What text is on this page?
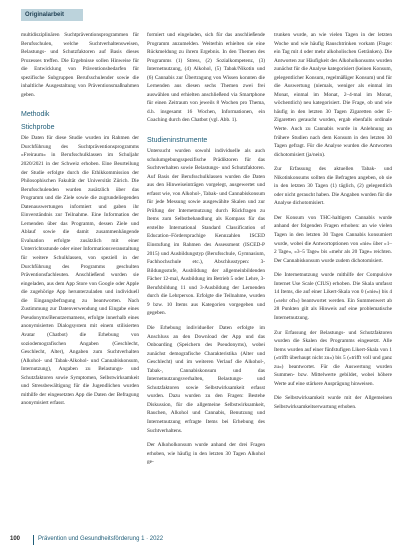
Originalarbeit

multidisziplinären Suchtpräventionsprogrammen für Berufsschulen, welche Suchtverhaltensweisen, Belastungs- und Schutzfaktoren auf Basis dieses Prozesses treffen. Die Ergebnisse sollen Hinweise für die Entwicklung von Präventionsbedarfen für spezifische Subgruppen Berufsschulender sowie die inhaltliche Ausgestaltung von Präventionsmaßnahmen geben.

Methodik
Stichprobe

Die Daten für diese Studie wurden im Rahmen der Durchführung des Suchtpräventionsprogramms »Freiraum« in Berufsschulklassen im Schuljahr 2020/2021 in der Schweiz erhoben. Eine Beurteilung der Studie erfolgte durch die Ethikkommission der Philosophischen Fakultät der Universität Zürich. Die Berufsschulenden wurden zusätzlich über das Programm und die Ziele sowie die zugrundeliegenden Datenauswertungen informiert und gaben ihr Einverständnis zur Teilnahme. Eine Information der Lernenden über das Programm, dessen Ziele und Ablauf sowie die damit zusammenhängende Evaluation erfolgte zusätzlich mit einer Unterrichtsstunde oder einer Informationsveranstaltung für weitere Schulklassen, von speziell in der Durchführung des Programms geschulten Präventionsfachleuten. Anschließend wurden sie eingeladen, aus dem App Store von Google oder Apple die zugehörige App herunterzuladen und individuell die Eingangsbefragung zu beantworten. Nach Zustimmung zur Datenverwendung und Eingabe eines Pseudonyms/Benutzernamens, erfolgte innerhalb eines anonymisierten Dialogsystem mit einem stilisierten Avatar (Chatbot) die Erhebung von soziodemografischen Angaben (Geschlecht, Geschlecht, Alter), Angaben zum Suchtverhalten (Alkohol- und Tabak-Alkohol- und Cannabiskonsum, Internutzung), Angaben zu Belastungs- und Schutzfaktoren sowie Symptomen, Selbstwirksamkeit und Stressbewältigung für die Jugendlichen wurden mithilfe der eingesetzten App die Daten der Befragung anonymisiert erfasst.

formiert und eingeladen, sich für das anschließende Programm anzumelden. Weiterhin erhielten sie eine Rückmeldung zu ihrem Ergebnis. In den Themen des Programms (1) Stress, (2) Sozialkompetenz, (3) Internetnutzung, (4) Alkohol, (5) Tabak/Nikotin und (6) Cannabis zur Übertragung von Wissen konnten die Lernenden aus diesen sechs Themen zwei frei auswählen und erhielten anschließend via Smartphone für einen Zeitraum von jeweils 8 Wochen pro Thema, d.h. insgesamt 16 Wochen, Informationen, ein Coaching durch den Chatbot (vgl. Abb. 1).

Studieninstrumente

Untersucht wurden sowohl individuelle als auch schulumgebungsspezifische Prädiktoren für das Suchtverhalten sowie Belastungs- und Schutzfaktoren. Auf Basis der Berufsschulklassen wurden die Daten aus den Hinweiseinträgen vorgelegt, ausgewertet und erfasst wie, von Alkohol-, Tabak- und Cannabiskonsum für jede Messung sowie ausgewählte Skalen und zur Prüfung der Internetnutzung durch Rückfragen zu Items zum Selbstbehandlung als Kompass für das erstellte International Standard Classification of Education–Fördersprachige Kennzahlen ISCED Einstufung im Rahmen des Assessment (ISCED-P 2015) und Ausbildungstyp (Berufsschule, Gymnasium, Fachhochschule etc.), Abschlusstypen: 3-Bildungsstufe, Ausbildung der allgemeinbildenden Fächer 12-mal, Ausbildung im Betrieb 5 oder Lehre, 3-Berufsbildung 11 und 3-Ausbildung der Lernenden durch die Lehrperson. Erfolgte die Teilnahme, wurden 9 bzw. 10 Items aus Kategorien vorgegeben und gegeben.

Die Erhebung individueller Daten erfolgte im Anschluss an den Download der App und das Onboarding (Speichern des Pseudonyms), wobei zunächst demografische Charakteristika (Alter und Geschlecht) und im weiteren Verlauf die Alkohol-, Tabak-, Cannabiskonsum und das Internetnutzungsverhalten, Belastungs- und Schutzfaktoren sowie Selbstwirksamkeit erfasst wurden. Dazu wurden zu den Fragen: Bestehe Diskussion, für die allgemeine Selbstwirksamkeit, Rauchen, Alkohol und Cannabis, Benutzung und Internetnutzung erfragte Items bei Erhebung des Suchtverhaltens.

Der Alkoholkonsum wurde anhand der drei Fragen erhoben, wie häufig in den letzten 30 Tagen Alkohol ge-

trunken wurde, an wie vielen Tagen in der letzten Woche und wie häufig Rauschtrinken vorkam (Frage: ein Tag mit 4 oder mehr alkoholischen Getränken). Die Antworten zur Häufigkeit des Alkoholkonsums wurden zunächst für die Analyse kategorisiert (keinen Konsum, gelegentlicher Konsum, regelmäßiger Konsum) und für die Auswertung (niemals, weniger als einmal im Monat, einmal im Monat, 2–4-mal im Monat, wöchentlich) neu kategorisiert. Die Frage, ob und wie häufig in den letzten 30 Tagen Zigaretten oder E-Zigaretten geraucht wurden, ergab ebenfalls ordinale Werte. Auch zu Cannabis wurde in Anlehnung an frühere Studien nach dem Konsum in den letzten 30 Tagen gefragt. Für die Analyse wurden die Antworten dichotomisiert (ja/nein).

Zur Erfassung des aktuellen Tabak- und Nikotinkonsums sollten die Befragten angeben, ob sie in den letzten 30 Tagen (1) täglich, (2) gelegentlich oder nicht geraucht haben. Die Angaben wurden für die Analyse dichotomisiert.

Der Konsum von THC-haltigem Cannabis wurde anhand der folgenden Fragen erhoben: an wie vielen Tagen in den letzten 30 Tagen Cannabis konsumiert wurde, wobei die Antwortoptionen von »nie« über »1–2 Tage«, »3–5 Tage« bis »mehr als 20 Tage« reichten. Der Cannabiskonsum wurde zudem dichotomisiert.

Die Internetnutzung wurde mithilfe der Compulsive Internet Use Scale (CIUS) erhoben. Die Skala umfasst 14 Items, die auf einer Likert-Skala von 0 (»nie«) bis 4 (»sehr oft«) beantwortet werden. Ein Summenwert ab 28 Punkten gilt als Hinweis auf eine problematische Internetnutzung.

Zur Erfassung der Belastungs- und Schutzfaktoren wurden die Skalen des Programms eingesetzt. Alle Items wurden auf einer fünfstufigen Likert-Skala von 1 (»trifft überhaupt nicht zu«) bis 5 (»trifft voll und ganz zu«) beantwortet. Für die Auswertung wurden Summen- bzw. Mittelwerte gebildet, wobei höhere Werte auf eine stärkere Ausprägung hinweisen.

Die Selbstwirksamkeit wurde mit der Allgemeinen Selbstwirksamkeitserwartung erhoben.

100	Prävention und Gesundheitsförderung 1 · 2022
